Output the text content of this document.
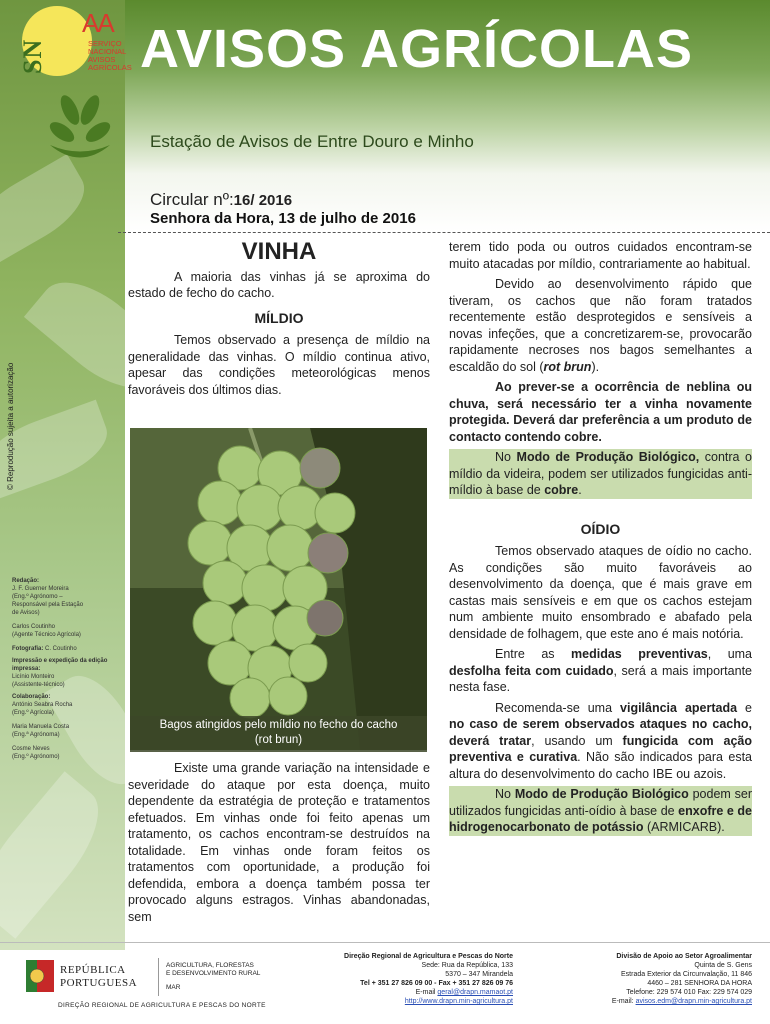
SN
AA
SERVIÇO
NACIONAL
AVISOS
AGRÍCOLAS AVISOS AGRÍCOLAS
Estação de Avisos de Entre Douro e Minho
Circular nº:16/ 2016
Senhora da Hora, 13 de julho de 2016
Redação:
J. F. Guerner Moreira
(Eng.º Agrónomo –
Responsável pela Estação
de Avisos)
Carlos Coutinho
(Agente Técnico Agrícola)
Fotografia: C. Coutinho
Impressão e expedição da edição impressa:
Licínio Monteiro
(Assistente-técnico)
Colaboração:
António Seabra Rocha
(Eng.º Agrícola)
Maria Manuela Costa
(Eng.ª Agrónoma)
Cosme Neves
(Eng.º Agrónomo)
VINHA

A maioria das vinhas já se aproxima do estado de fecho do cacho.

MÍLDIO

Temos observado a presença de míldio na generalidade das vinhas. O míldio continua ativo, apesar das condições meteorológicas menos favoráveis dos últimos dias.

Bagos atingidos pelo míldio no fecho do cacho
(rot brun)

Existe uma grande variação na intensidade e severidade do ataque por esta doença, muito dependente da estratégia de proteção e tratamentos efetuados. Em vinhas onde foi feito apenas um tratamento, os cachos encontram-se destruídos na totalidade. Em vinhas onde foram feitos os tratamentos com oportunidade, a produção foi defendida, embora a doença também possa ter provocado alguns estragos. Vinhas abandonadas, sem

terem tido poda ou outros cuidados encontram-se muito atacadas por míldio, contrariamente ao habitual.

Devido ao desenvolvimento rápido que tiveram, os cachos que não foram tratados recentemente estão desprotegidos e sensíveis a novas infeções, que a concretizarem-se, provocarão rapidamente necroses nos bagos semelhantes a escaldão do sol (rot brun).

Ao prever-se a ocorrência de neblina ou chuva, será necessário ter a vinha novamente protegida. Deverá dar preferência a um produto de contacto contendo cobre.

No Modo de Produção Biológico, contra o míldio da videira, podem ser utilizados fungicidas anti-míldio à base de cobre.

OÍDIO

Temos observado ataques de oídio no cacho. As condições são muito favoráveis ao desenvolvimento da doença, que é mais grave em castas mais sensíveis e em que os cachos estejam num ambiente muito ensombrado e abafado pela densidade de folhagem, que este ano é mais notória.

Entre as medidas preventivas, uma desfolha feita com cuidado, será a mais importante nesta fase.

Recomenda-se uma vigilância apertada e no caso de serem observados ataques no cacho, deverá tratar, usando um fungicida com ação preventiva e curativa. Não são indicados para esta altura do desenvolvimento do cacho IBE ou azois.

No Modo de Produção Biológico podem ser utilizados fungicidas anti-oídio à base de enxofre e de hidrogenocarbonato de potássio (ARMICARB).

REPÚBLICA
PORTUGUESA
AGRICULTURA, FLORESTAS
E DESENVOLVIMENTO RURAL
MAR
DIREÇÃO REGIONAL DE AGRICULTURA E PESCAS DO NORTE
Direção Regional de Agricultura e Pescas do Norte
Sede: Rua da República, 133
5370 – 347 Mirandela
Tel + 351 27 826 09 00 - Fax + 351 27 826 09 76
E-mail geral@drapn.mamaot.pt
http://www.drapn.min-agricultura.pt
Divisão de Apoio ao Setor Agroalimentar
Quinta de S. Gens
Estrada Exterior da Circunvalação, 11 846
4460 – 281 SENHORA DA HORA
Telefone: 229 574 010 Fax: 229 574 029
E-mail: avisos.edm@drapn.min-agricultura.pt
